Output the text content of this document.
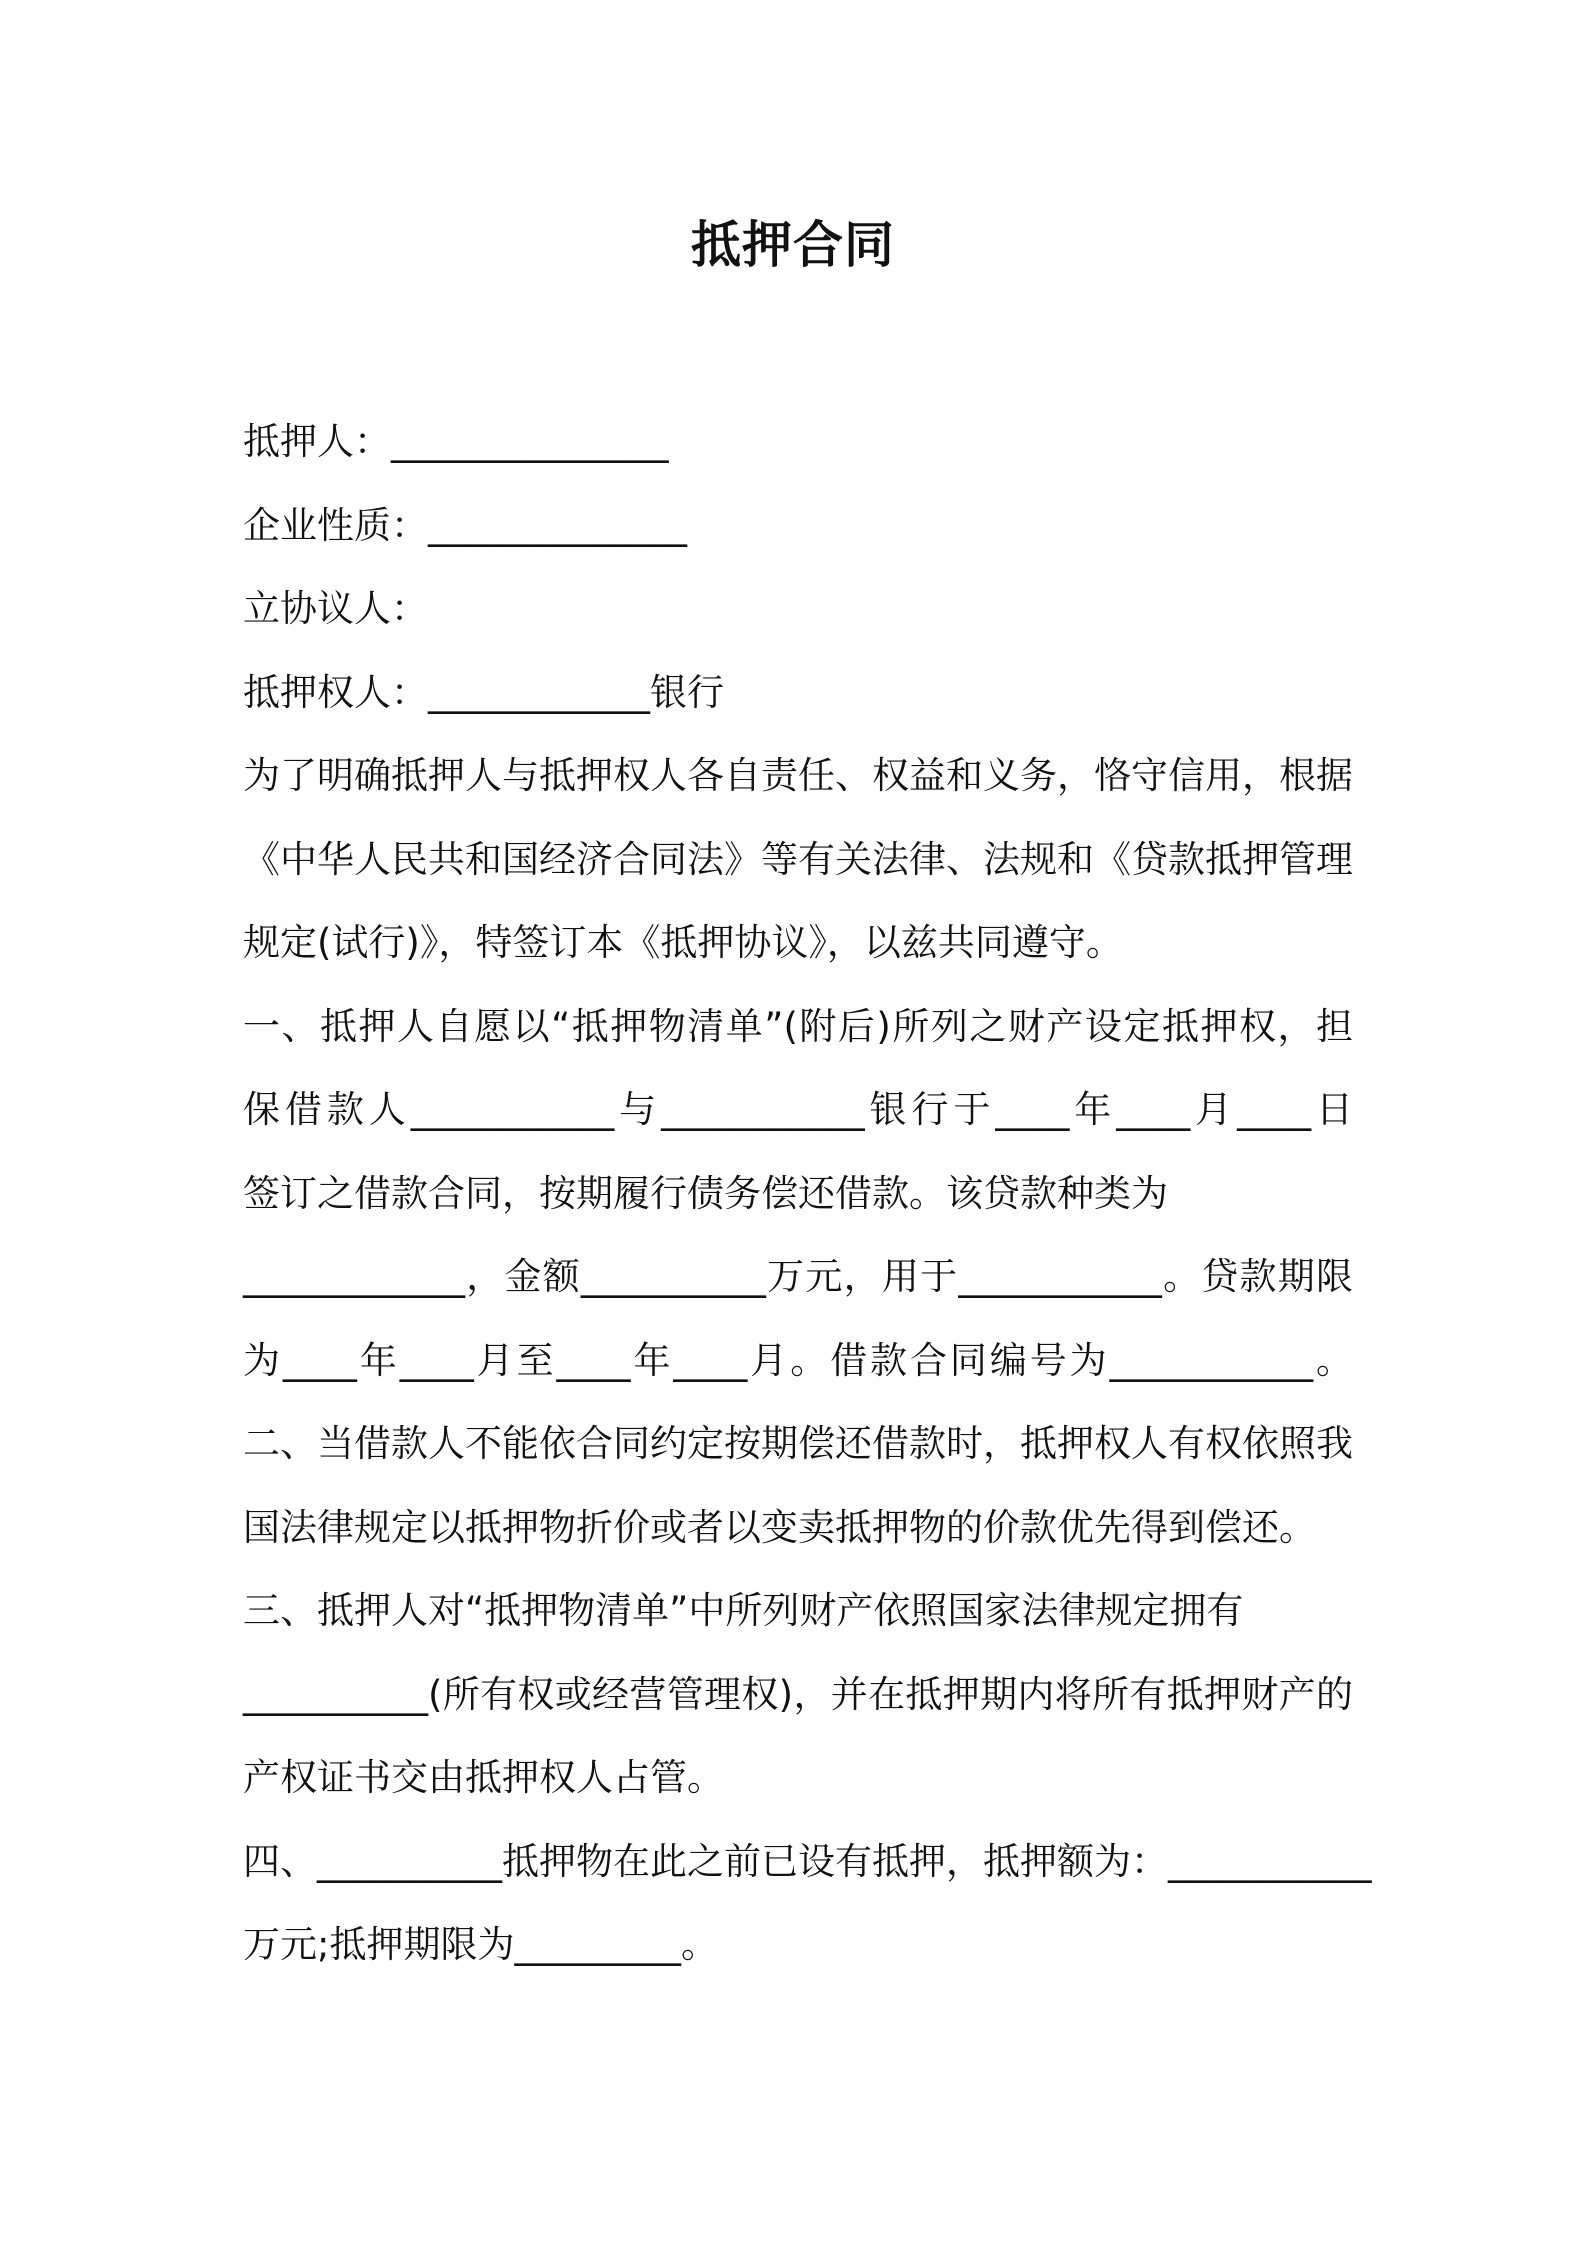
抵押合同
抵押人：_______________
企业性质：______________
立协议人：
抵押权人：____________银行
为了明确抵押人与抵押权人各自责任、权益和义务，恪守信用，根据
《中华人民共和国经济合同法》等有关法律、法规和《贷款抵押管理
规定(试行)》，特签订本《抵押协议》，以兹共同遵守。
一、抵押人自愿以“抵押物清单”(附后)所列之财产设定抵押权，担
保借款人___________与___________银行于____年____月____日
签订之借款合同，按期履行债务偿还借款。该贷款种类为
____________，金额__________万元，用于___________。贷款期限
为____年____月至____年____月。借款合同编号为___________。
二、当借款人不能依合同约定按期偿还借款时，抵押权人有权依照我
国法律规定以抵押物折价或者以变卖抵押物的价款优先得到偿还。
三、抵押人对“抵押物清单”中所列财产依照国家法律规定拥有
__________(所有权或经营管理权)，并在抵押期内将所有抵押财产的
产权证书交由抵押权人占管。
四、__________抵押物在此之前已设有抵押，抵押额为：___________
万元;抵押期限为_________。
